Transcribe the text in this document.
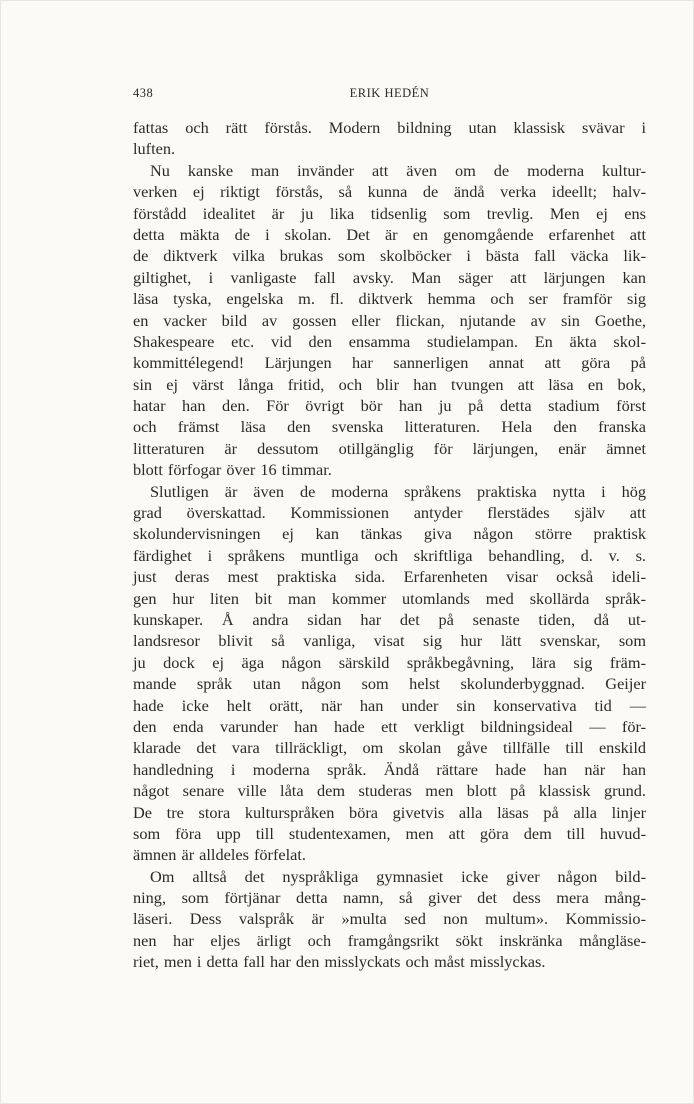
438	ERIK HEDÉN
fattas och rätt förstås. Modern bildning utan klassisk svävar i
luften.
Nu kanske man invänder att även om de moderna kultur-
verken ej riktigt förstås, så kunna de ändå verka ideellt; halv-
förstådd idealitet är ju lika tidsenlig som trevlig. Men ej ens
detta mäkta de i skolan. Det är en genomgående erfarenhet att
de diktverk vilka brukas som skolböcker i bästa fall väcka lik-
giltighet, i vanligaste fall avsky. Man säger att lärjungen kan
läsa tyska, engelska m. fl. diktverk hemma och ser framför sig
en vacker bild av gossen eller flickan, njutande av sin Goethe,
Shakespeare etc. vid den ensamma studielampan. En äkta skol-
kommittélegend! Lärjungen har sannerligen annat att göra på
sin ej värst långa fritid, och blir han tvungen att läsa en bok,
hatar han den. För övrigt bör han ju på detta stadium först
och främst läsa den svenska litteraturen. Hela den franska
litteraturen är dessutom otillgänglig för lärjungen, enär ämnet
blott förfogar över 16 timmar.
Slutligen är även de moderna språkens praktiska nytta i hög
grad överskattad. Kommissionen antyder flerstädes själv att
skolundervisningen ej kan tänkas giva någon större praktisk
färdighet i språkens muntliga och skriftliga behandling, d. v. s.
just deras mest praktiska sida. Erfarenheten visar också ideli-
gen hur liten bit man kommer utomlands med skollärda språk-
kunskaper. Å andra sidan har det på senaste tiden, då ut-
landsresor blivit så vanliga, visat sig hur lätt svenskar, som
ju dock ej äga någon särskild språkbegåvning, lära sig främ-
mande språk utan någon som helst skolunderbyggnad. Geijer
hade icke helt orätt, när han under sin konservativa tid —
den enda varunder han hade ett verkligt bildningsideal — för-
klarade det vara tillräckligt, om skolan gåve tillfälle till enskild
handledning i moderna språk. Ändå rättare hade han när han
något senare ville låta dem studeras men blott på klassisk grund.
De tre stora kulturspråken böra givetvis alla läsas på alla linjer
som föra upp till studentexamen, men att göra dem till huvud-
ämnen är alldeles förfelat.
Om alltså det nyspråkliga gymnasiet icke giver någon bild-
ning, som förtjänar detta namn, så giver det dess mera mång-
läseri. Dess valspråk är »multa sed non multum». Kommissio-
nen har eljes ärligt och framgångsrikt sökt inskränka mångläse-
riet, men i detta fall har den misslyckats och måst misslyckas.
